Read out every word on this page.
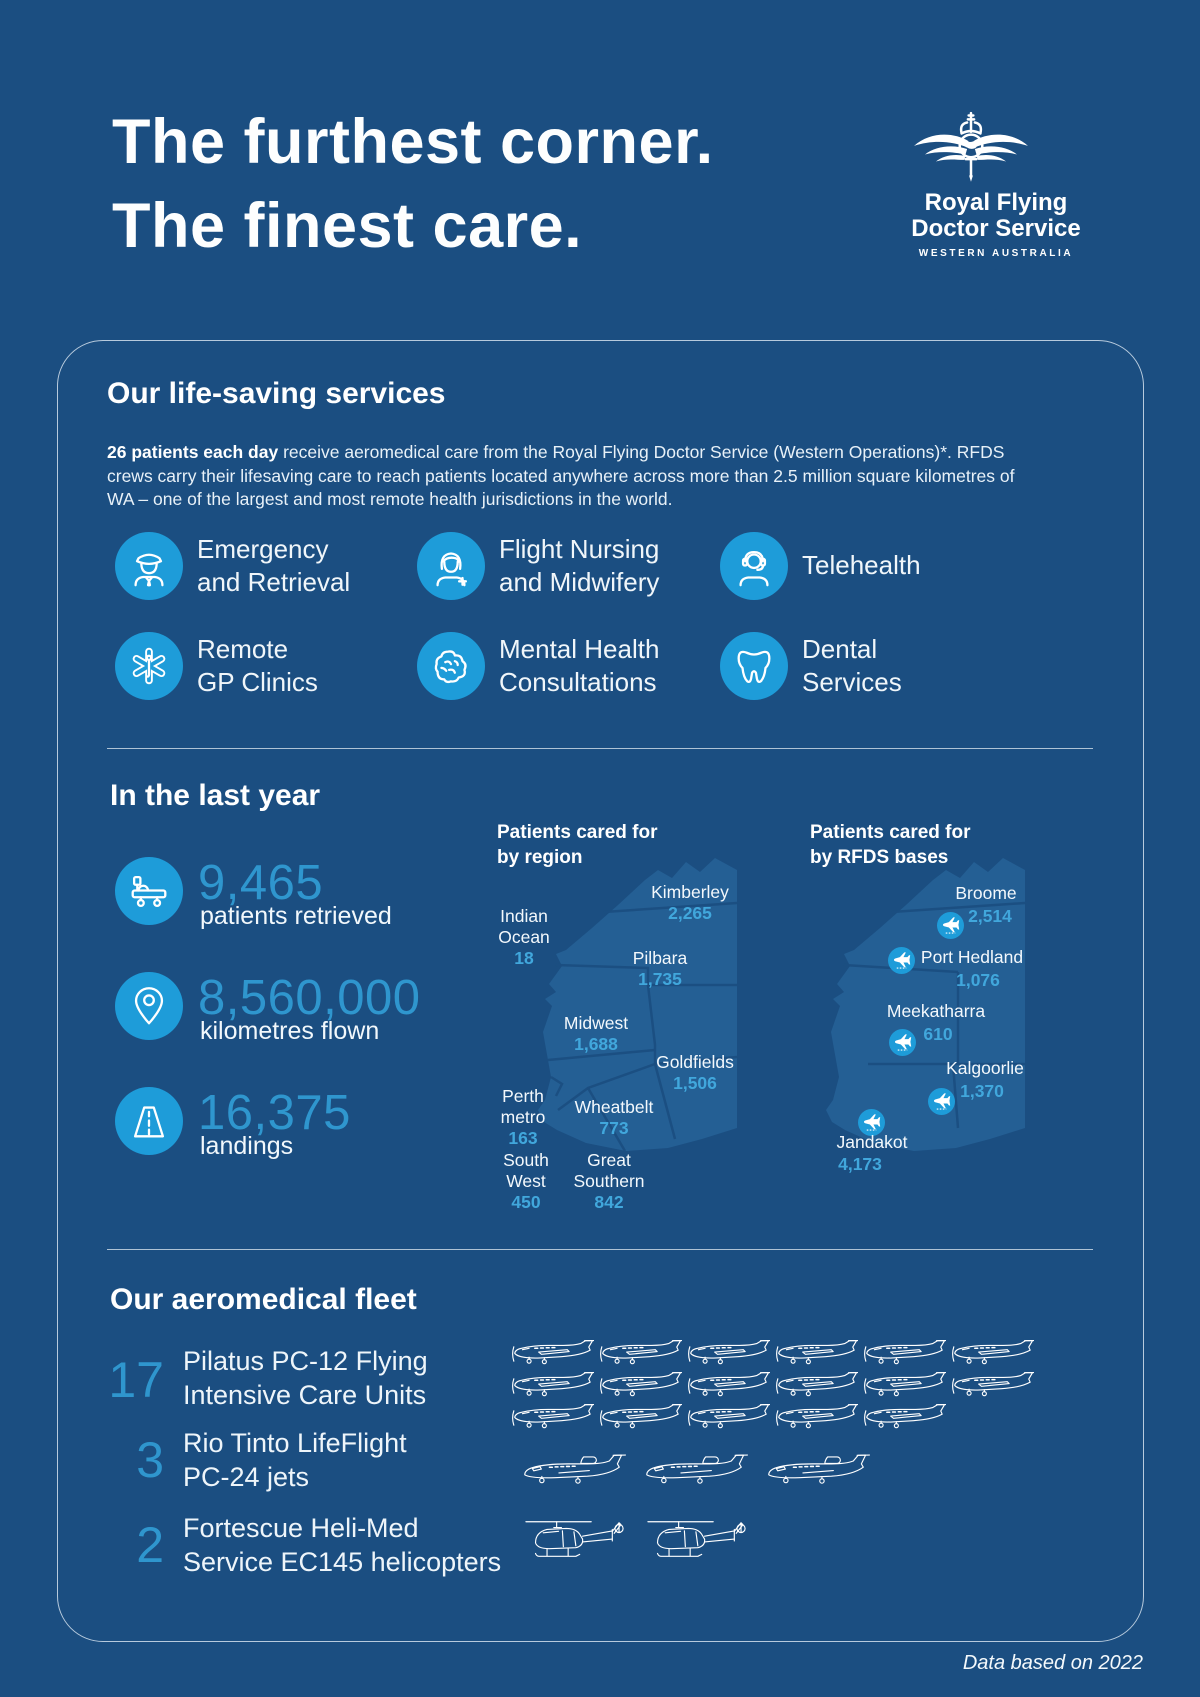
The furthest corner.
The finest care.	Royal Flying
Doctor Service
WESTERN AUSTRALIA
Our life-saving services

26 patients each day receive aeromedical care from the Royal Flying Doctor Service (Western Operations)*. RFDS crews carry their lifesaving care to reach patients located anywhere across more than 2.5 million square kilometres of WA – one of the largest and most remote health jurisdictions in the world.

Emergency
and Retrieval
Flight Nursing
and Midwifery
Telehealth
Remote
GP Clinics
Mental Health
Consultations
Dental
Services
In the last year
9,465
patients retrieved
8,560,000
kilometres flown
16,375
landings
Patients cared for
by region
Patients cared for
by RFDS bases
Kimberley
2,265
Indian
Ocean
18	Pilbara
1,735
Midwest
1,688
Goldfields
1,506
Perth
metro
163
Wheatbelt
773
South
West
450
Great
Southern
842
Broome
2,514
Port Hedland
1,076
Meekatharra
610
Kalgoorlie
1,370
Jandakot
4,173
Our aeromedical fleet
17 Pilatus PC-12 Flying
Intensive Care Units
3 Rio Tinto LifeFlight
PC-24 jets
2 Fortescue Heli-Med
Service EC145 helicopters
Data based on 2022
